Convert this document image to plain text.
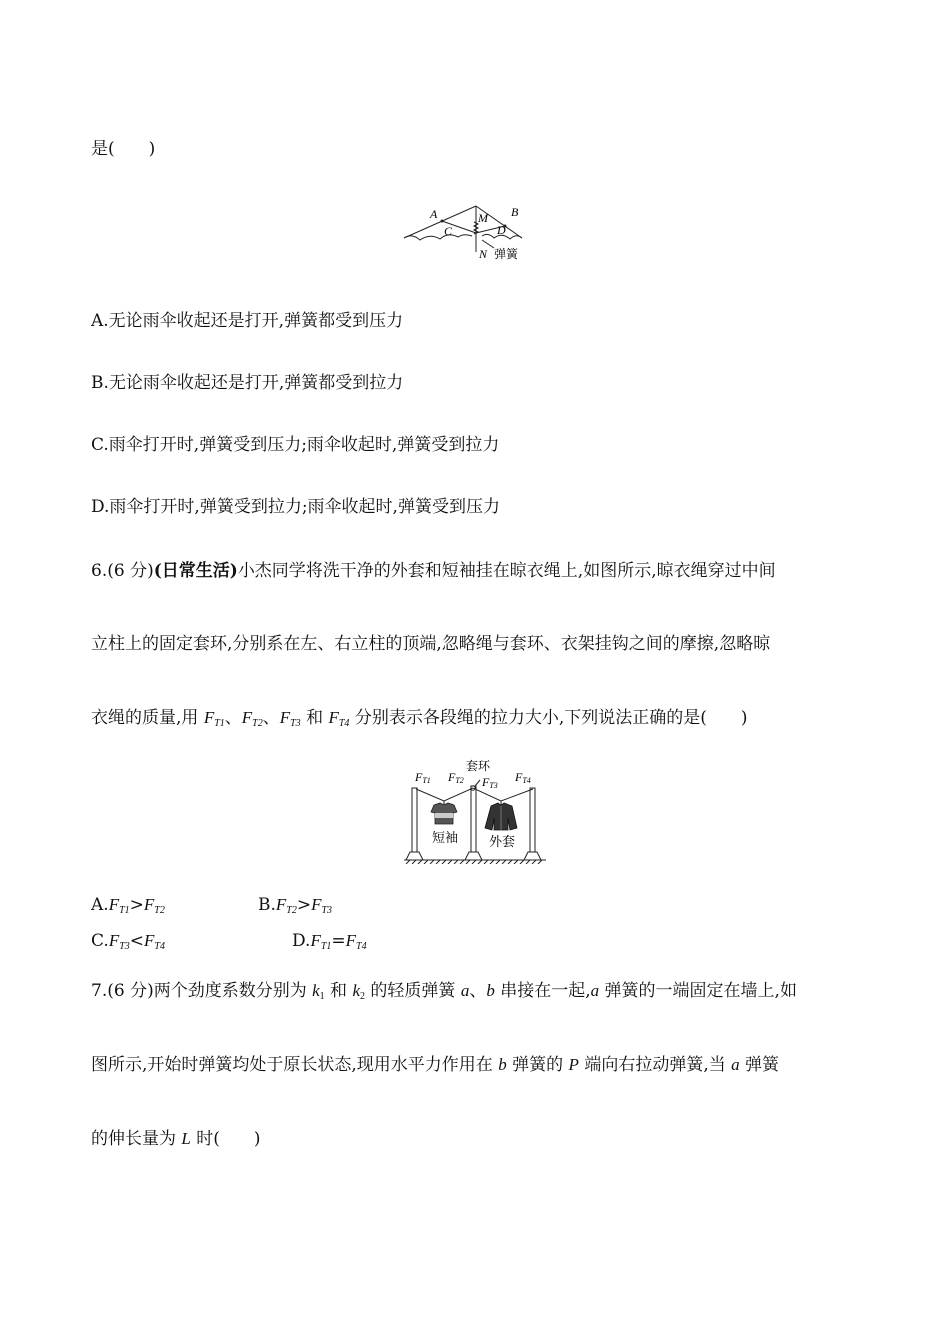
是(　　)
A	B
C	D
M
N 弹簧
A.无论雨伞收起还是打开,弹簧都受到压力
B.无论雨伞收起还是打开,弹簧都受到拉力
C.雨伞打开时,弹簧受到压力;雨伞收起时,弹簧受到拉力
D.雨伞打开时,弹簧受到拉力;雨伞收起时,弹簧受到压力
6.(6 分)(日常生活)小杰同学将洗干净的外套和短袖挂在晾衣绳上,如图所示,晾衣绳穿过中间
立柱上的固定套环,分别系在左、右立柱的顶端,忽略绳与套环、衣架挂钩之间的摩擦,忽略晾
衣绳的质量,用 $F_{T1}$、$F_{T2}$、$F_{T3}$ 和 $F_{T4}$ 分别表示各段绳的拉力大小,下列说法正确的是(　　)
FT1 FT2 FT3
FT4
套环
短袖 外套
$A.F_{T1}>F_{T2}$	$B.F_{T2}>F_{T3}$
$C.F_{T3}<F_{T4}$	$D.F_{T1}=F_{T4}$
7.(6 分)两个劲度系数分别为 $k_1$ 和 $k_2$ 的轻质弹簧 a、b 串接在一起,a 弹簧的一端固定在墙上,如
图所示,开始时弹簧均处于原长状态,现用水平力作用在 b 弹簧的 P 端向右拉动弹簧,当 a 弹簧
的伸长量为 L 时(　　)
